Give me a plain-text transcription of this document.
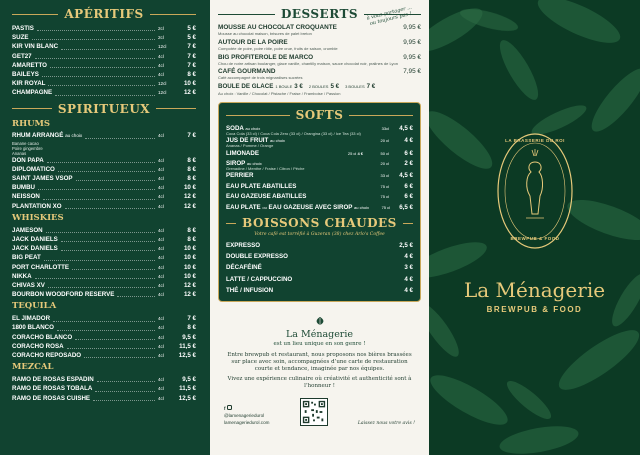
APÉRITIFS
PASTIS	2cl	5 €
SUZE	2cl	5 €
KIR VIN BLANC	12cl	7 €
GET27	4cl	7 €
AMARETTO	4cl	7 €
BAILEYS	4cl	8 €
KIR ROYAL	12cl	10 €
CHAMPAGNE	12cl	12 €
SPIRITUEUX
RHUMS
RHUM ARRANGÉ au choix	4cl	7 €
Banane cacao
Poire gingembre
Ananas
DON PAPA	4cl	8 €
DIPLOMATICO	4cl	8 €
SAINT JAMES VSOP	4cl	8 €
BUMBU	4cl	10 €
NEISSON	4cl	12 €
PLANTATION XO	4cl	12 €
WHISKIES
JAMESON	4cl	8 €
JACK DANIELS	4cl	8 €
JACK DANIELS	4cl	10 €
BIG PEAT	4cl	10 €
PORT CHARLOTTE	4cl	10 €
NIKKA	4cl	10 €
CHIVAS XV	4cl	12 €
BOURBON WOODFORD RESERVE	4cl	12 €
TEQUILA
EL JIMADOR	4cl	7 €
1800 BLANCO	4cl	8 €
CORACHO BLANCO	4cl	9,5 €
CORACHO ROSA	4cl	11,5 €
CORACHO REPOSADO	4cl	12,5 €
MEZCAL
RAMO DE ROSAS ESPADIN	4cl	9,5 €
RAMO DE ROSAS TOBALA	4cl	11,5 €
RAMO DE ROSAS CUISHE	4cl	12,5 €
DESSERTS	à vous partager ... ou toujours pas !
MOUSSE AU CHOCOLAT CROQUANTE	9,95 €
Mousse au chocolat maison, brisures de palet breton
AUTOUR DE LA POIRE	9,95 €
Compotée de poire, poire rôtie, poire crue, fruits de saison, crumble
BIG PROFITEROLE DE MARCO	9,95 €
Chou de notre artisan boulanger, glace vanille, chantilly maison, sauce chocolat noir, pralines de Lyon
CAFÉ GOURMAND	7,95 €
Café accompagné de trois mignardises sucrées
BOULE DE GLACE 1 BOULE 3 € 2 BOULES 5 € 3 BOULES 7 €
Au choix : Vanille / Chocolat / Pistache / Fraise / Framboise / Passion
SOFTS
SODA au choix	33cl	4,5 €
Coca Cola (33 cl) / Coca Cola Zero (33 cl) / Orangina (33 cl) / Ice Tea (33 cl)
JUS DE FRUIT au choix	20 cl	4 €
Ananas / Pomme / Orange
LIMONADE	25 cl 4 €	50 cl	6 €
SIROP au choix	20 cl	2 €
Grenadine / Menthe / Fraise / Citron / Pêche
PERRIER	33 cl	4,5 €
EAU PLATE ABATILLES	75 cl	6 €
EAU GAZEUSE ABATILLES	75 cl	6 €
EAU PLATE ou EAU GAZEUSE AVEC SIROP au choix	75 cl	6,5 €
BOISSONS CHAUDES
Votre café est torréfié à Guzeran (38) chez Arlo's Coffee
EXPRESSO	2,5 €
DOUBLE EXPRESSO	4 €
DÉCAFÉINÉ	3 €
LATTE / CAPPUCCINO	4 €
THÉ / INFUSION	4 €
La Ménagerie
est un lieu unique en son genre !
Entre brewpub et restaurant, nous proposons nos bières brassées sur place avec soin, accompagnées d’une carte de restauration courte et tendance, imaginée par nos équipes.
Vivez une expérience culinaire où créativité et authenticité sont à l’honneur !
f
@lamenageriedurol
lamenageriedurol.com	Laissez nous votre avis !
LA BRASSERIE DU ROI
BREWPUB & FOOD
La Ménagerie
BREWPUB & FOOD
